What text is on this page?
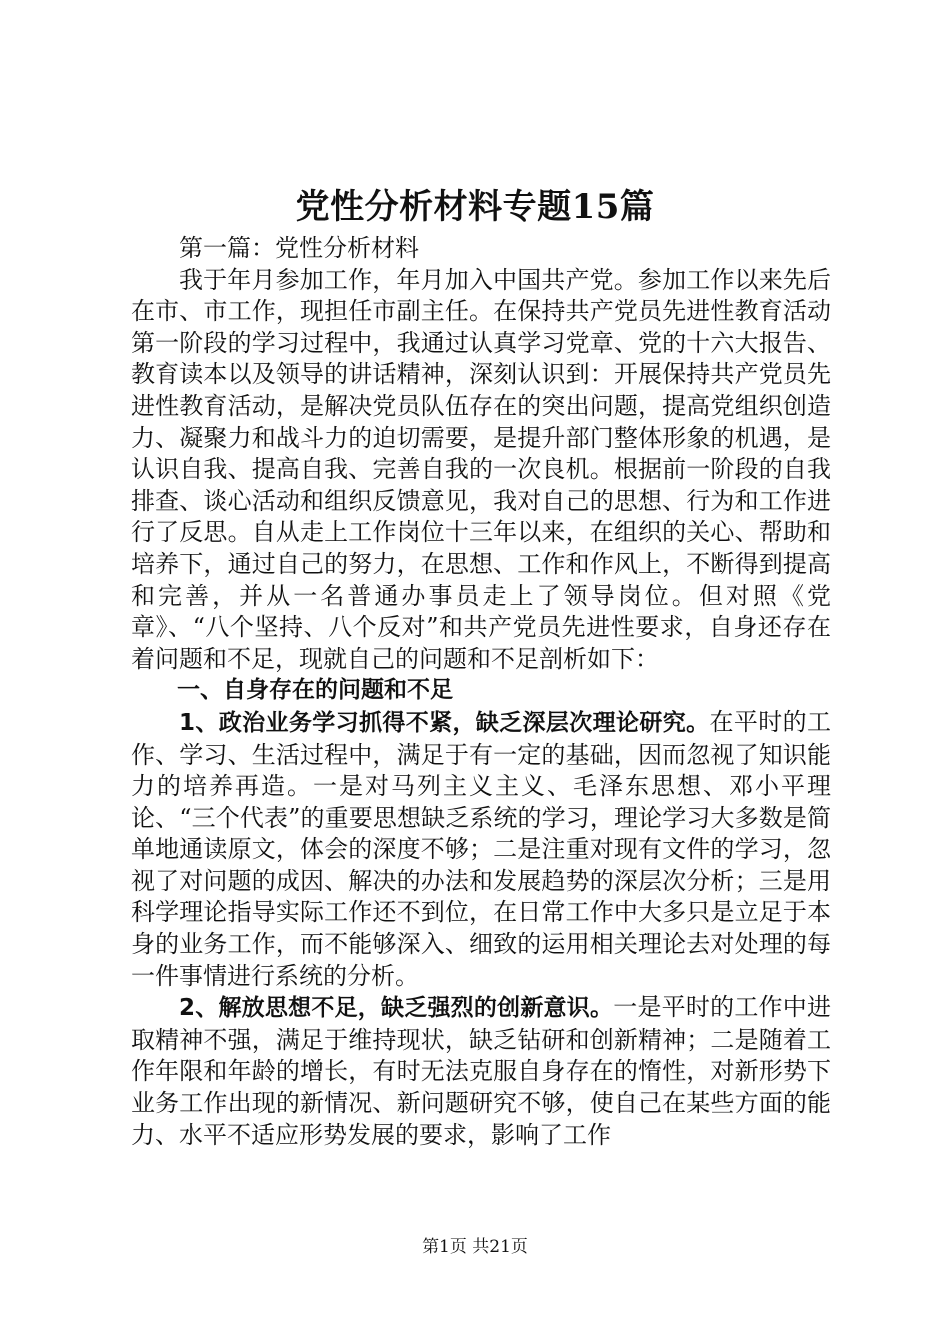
党性分析材料专题15篇

第一篇：党性分析材料

我于年月参加工作，年月加入中国共产党。参加工作以来先后在市、市工作，现担任市副主任。在保持共产党员先进性教育活动第一阶段的学习过程中，我通过认真学习党章、党的十六大报告、教育读本以及领导的讲话精神，深刻认识到：开展保持共产党员先进性教育活动，是解决党员队伍存在的突出问题，提高党组织创造力、凝聚力和战斗力的迫切需要，是提升部门整体形象的机遇，是认识自我、提高自我、完善自我的一次良机。根据前一阶段的自我排查、谈心活动和组织反馈意见，我对自己的思想、行为和工作进行了反思。自从走上工作岗位十三年以来，在组织的关心、帮助和培养下，通过自己的努力，在思想、工作和作风上，不断得到提高和完善，并从一名普通办事员走上了领导岗位。但对照《党章》、“八个坚持、八个反对”和共产党员先进性要求，自身还存在着问题和不足，现就自己的问题和不足剖析如下：

一、自身存在的问题和不足

1、政治业务学习抓得不紧，缺乏深层次理论研究。在平时的工作、学习、生活过程中，满足于有一定的基础，因而忽视了知识能力的培养再造。一是对马列主义主义、毛泽东思想、邓小平理论、“三个代表”的重要思想缺乏系统的学习，理论学习大多数是简单地通读原文，体会的深度不够；二是注重对现有文件的学习，忽视了对问题的成因、解决的办法和发展趋势的深层次分析；三是用科学理论指导实际工作还不到位，在日常工作中大多只是立足于本身的业务工作，而不能够深入、细致的运用相关理论去对处理的每一件事情进行系统的分析。

2、解放思想不足，缺乏强烈的创新意识。一是平时的工作中进取精神不强，满足于维持现状，缺乏钻研和创新精神；二是随着工作年限和年龄的增长，有时无法克服自身存在的惰性，对新形势下业务工作出现的新情况、新问题研究不够，使自己在某些方面的能力、水平不适应形势发展的要求，影响了工作

第1页 共21页
